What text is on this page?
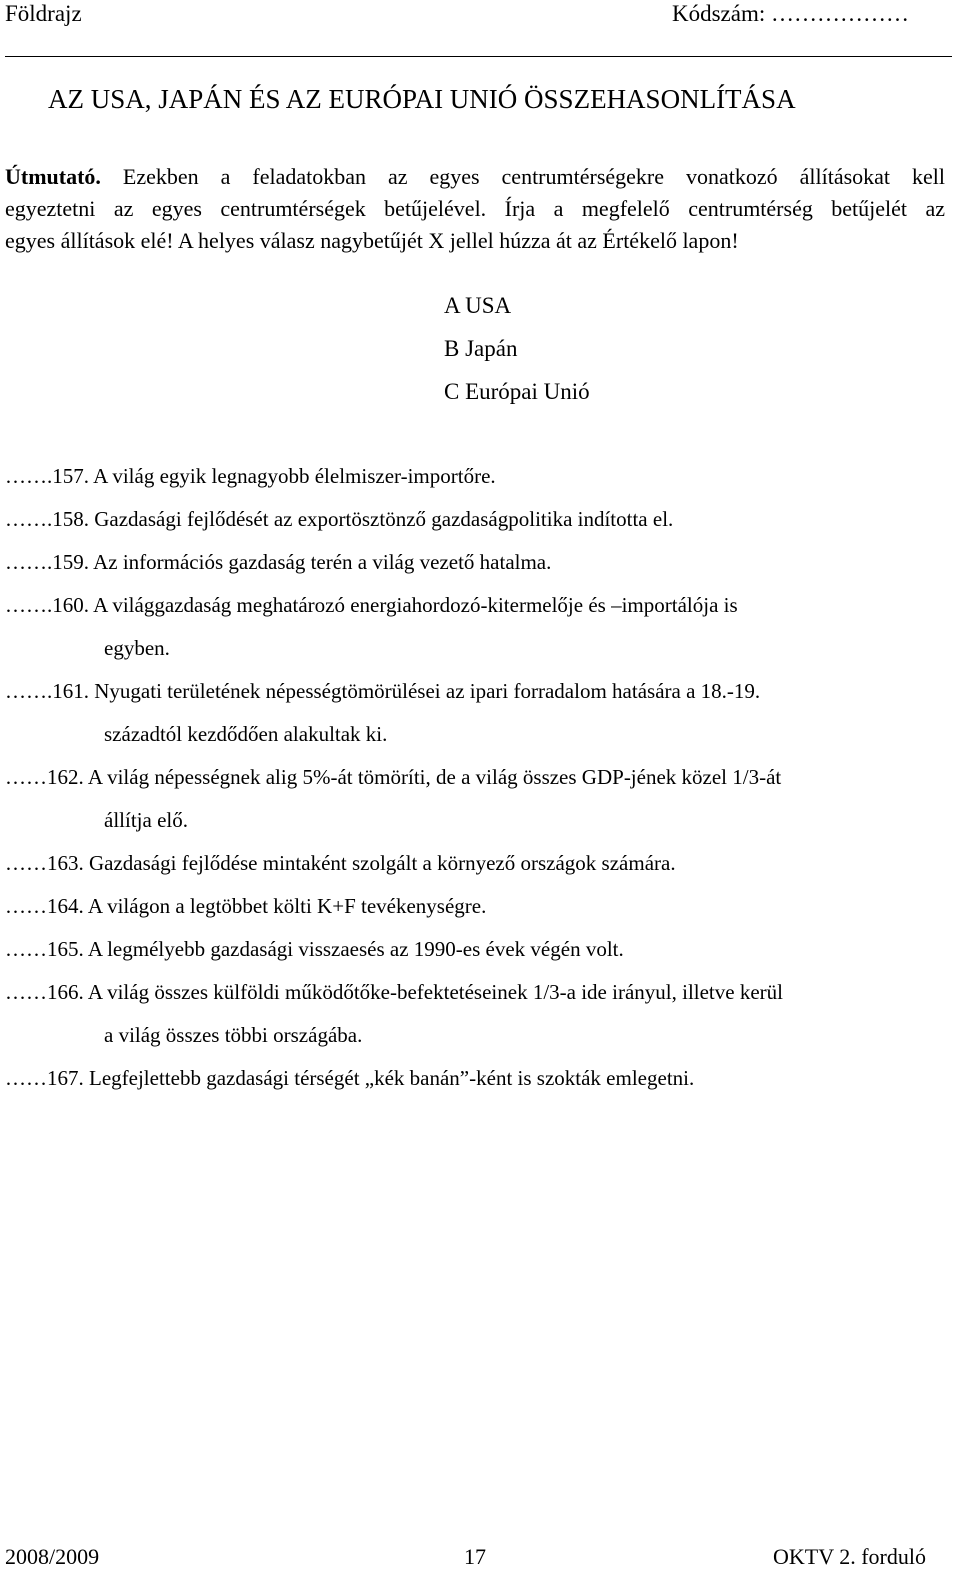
Földrajz	Kódszám: ………………
AZ USA, JAPÁN ÉS AZ EURÓPAI UNIÓ ÖSSZEHASONLÍTÁSA
Útmutató. Ezekben a feladatokban az egyes centrumtérségekre vonatkozó állításokat kell
egyeztetni az egyes centrumtérségek betűjelével. Írja a megfelelő centrumtérség betűjelét az
egyes állítások elé! A helyes válasz nagybetűjét X jellel húzza át az Értékelő lapon!
A USA
B Japán
C Európai Unió
…….157. A világ egyik legnagyobb élelmiszer-importőre.
…….158. Gazdasági fejlődését az exportösztönző gazdaságpolitika indította el.
…….159. Az információs gazdaság terén a világ vezető hatalma.
…….160. A világgazdaság meghatározó energiahordozó-kitermelője és –importálója is
egyben.
…….161. Nyugati területének népességtömörülései az ipari forradalom hatására a 18.-19.
századtól kezdődően alakultak ki.
……162. A világ népességnek alig 5%-át tömöríti, de a világ összes GDP-jének közel 1/3-át
állítja elő.
……163. Gazdasági fejlődése mintaként szolgált a környező országok számára.
……164. A világon a legtöbbet költi K+F tevékenységre.
……165. A legmélyebb gazdasági visszaesés az 1990-es évek végén volt.
……166. A világ összes külföldi működőtőke-befektetéseinek 1/3-a ide irányul, illetve kerül
a világ összes többi országába.
……167. Legfejlettebb gazdasági térségét „kék banán”-ként is szokták emlegetni.
2008/2009	17	OKTV 2. forduló
